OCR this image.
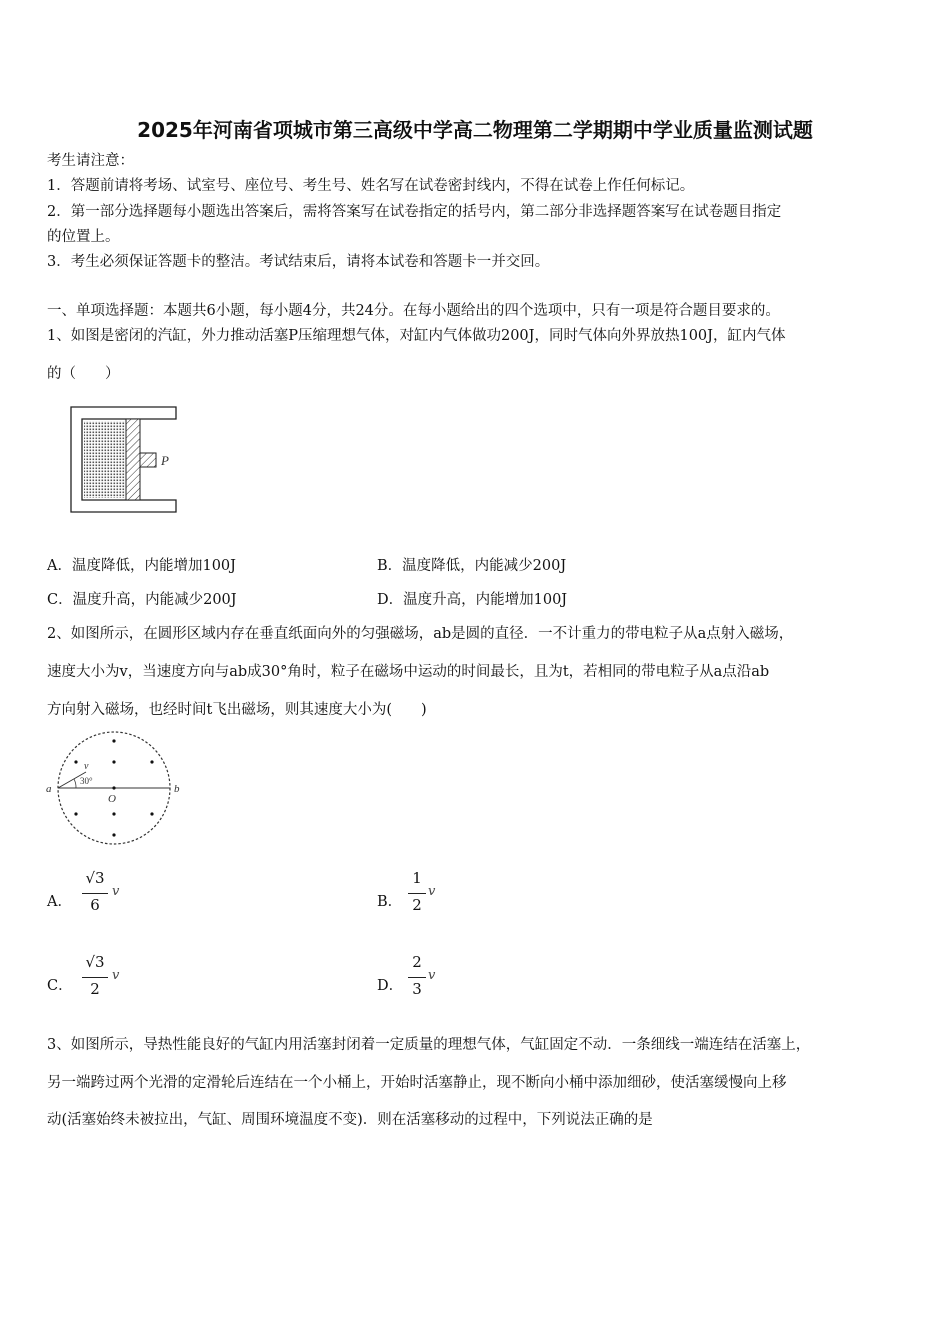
2025年河南省项城市第三高级中学高二物理第二学期期中学业质量监测试题
考生请注意：
1．答题前请将考场、试室号、座位号、考生号、姓名写在试卷密封线内，不得在试卷上作任何标记。
2．第一部分选择题每小题选出答案后，需将答案写在试卷指定的括号内，第二部分非选择题答案写在试卷题目指定
的位置上。
3．考生必须保证答题卡的整洁。考试结束后，请将本试卷和答题卡一并交回。
一、单项选择题：本题共6小题，每小题4分，共24分。在每小题给出的四个选项中，只有一项是符合题目要求的。
1、如图是密闭的汽缸，外力推动活塞P压缩理想气体，对缸内气体做功200J，同时气体向外界放热100J，缸内气体
的（　　）
P
A．温度降低，内能增加100J	B．温度降低，内能减少200J
C．温度升高，内能减少200J	D．温度升高，内能增加100J
2、如图所示，在圆形区域内存在垂直纸面向外的匀强磁场，ab是圆的直径．一不计重力的带电粒子从a点射入磁场，
速度大小为v，当速度方向与ab成30°角时，粒子在磁场中运动的时间最长，且为t，若相同的带电粒子从a点沿ab
方向射入磁场，也经时间t飞出磁场，则其速度大小为(　　)
a	b
O
v
30°
A．
√3
6
v
B．
1
2
v
C．
√3
2
v
D．
2
3
v
3、如图所示，导热性能良好的气缸内用活塞封闭着一定质量的理想气体，气缸固定不动．一条细线一端连结在活塞上，
另一端跨过两个光滑的定滑轮后连结在一个小桶上，开始时活塞静止，现不断向小桶中添加细砂，使活塞缓慢向上移
动(活塞始终未被拉出，气缸、周围环境温度不变)．则在活塞移动的过程中，下列说法正确的是
